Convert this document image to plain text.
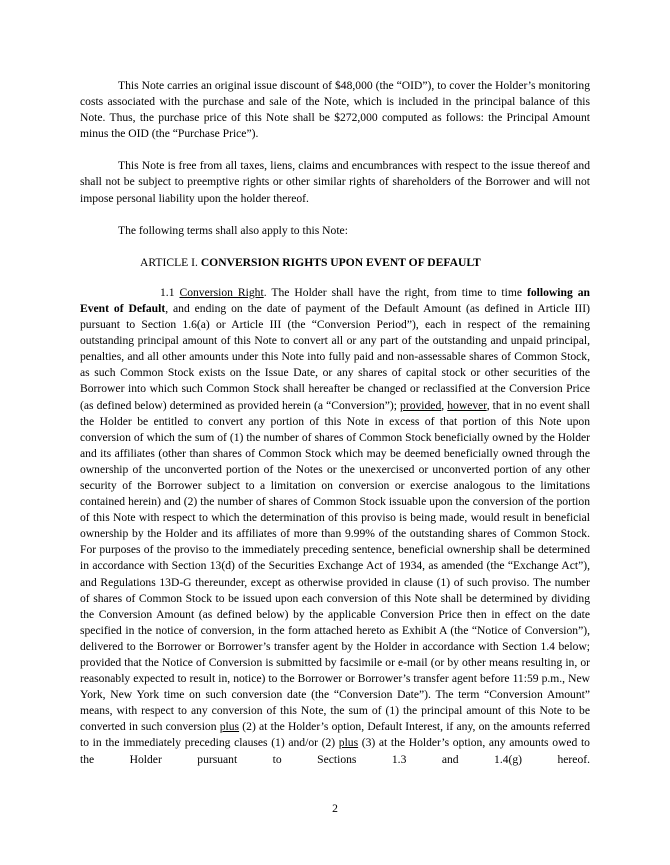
This Note carries an original issue discount of $48,000 (the “OID”), to cover the Holder’s monitoring costs associated with the purchase and sale of the Note, which is included in the principal balance of this Note. Thus, the purchase price of this Note shall be $272,000 computed as follows: the Principal Amount minus the OID (the “Purchase Price”).

This Note is free from all taxes, liens, claims and encumbrances with respect to the issue thereof and shall not be subject to preemptive rights or other similar rights of shareholders of the Borrower and will not impose personal liability upon the holder thereof.

The following terms shall also apply to this Note:

ARTICLE I. CONVERSION RIGHTS UPON EVENT OF DEFAULT

1.1 Conversion Right. The Holder shall have the right, from time to time following an Event of Default, and ending on the date of payment of the Default Amount (as defined in Article III) pursuant to Section 1.6(a) or Article III (the “Conversion Period”), each in respect of the remaining outstanding principal amount of this Note to convert all or any part of the outstanding and unpaid principal, penalties, and all other amounts under this Note into fully paid and non-assessable shares of Common Stock, as such Common Stock exists on the Issue Date, or any shares of capital stock or other securities of the Borrower into which such Common Stock shall hereafter be changed or reclassified at the Conversion Price (as defined below) determined as provided herein (a “Conversion”); provided, however, that in no event shall the Holder be entitled to convert any portion of this Note in excess of that portion of this Note upon conversion of which the sum of (1) the number of shares of Common Stock beneficially owned by the Holder and its affiliates (other than shares of Common Stock which may be deemed beneficially owned through the ownership of the unconverted portion of the Notes or the unexercised or unconverted portion of any other security of the Borrower subject to a limitation on conversion or exercise analogous to the limitations contained herein) and (2) the number of shares of Common Stock issuable upon the conversion of the portion of this Note with respect to which the determination of this proviso is being made, would result in beneficial ownership by the Holder and its affiliates of more than 9.99% of the outstanding shares of Common Stock. For purposes of the proviso to the immediately preceding sentence, beneficial ownership shall be determined in accordance with Section 13(d) of the Securities Exchange Act of 1934, as amended (the “Exchange Act”), and Regulations 13D-G thereunder, except as otherwise provided in clause (1) of such proviso. The number of shares of Common Stock to be issued upon each conversion of this Note shall be determined by dividing the Conversion Amount (as defined below) by the applicable Conversion Price then in effect on the date specified in the notice of conversion, in the form attached hereto as Exhibit A (the “Notice of Conversion”), delivered to the Borrower or Borrower’s transfer agent by the Holder in accordance with Section 1.4 below; provided that the Notice of Conversion is submitted by facsimile or e-mail (or by other means resulting in, or reasonably expected to result in, notice) to the Borrower or Borrower’s transfer agent before 11:59 p.m., New York, New York time on such conversion date (the “Conversion Date”). The term “Conversion Amount” means, with respect to any conversion of this Note, the sum of (1) the principal amount of this Note to be converted in such conversion plus (2) at the Holder’s option, Default Interest, if any, on the amounts referred to in the immediately preceding clauses (1) and/or (2) plus (3) at the Holder’s option, any amounts owed to the Holder pursuant to Sections 1.3 and 1.4(g) hereof.

2
